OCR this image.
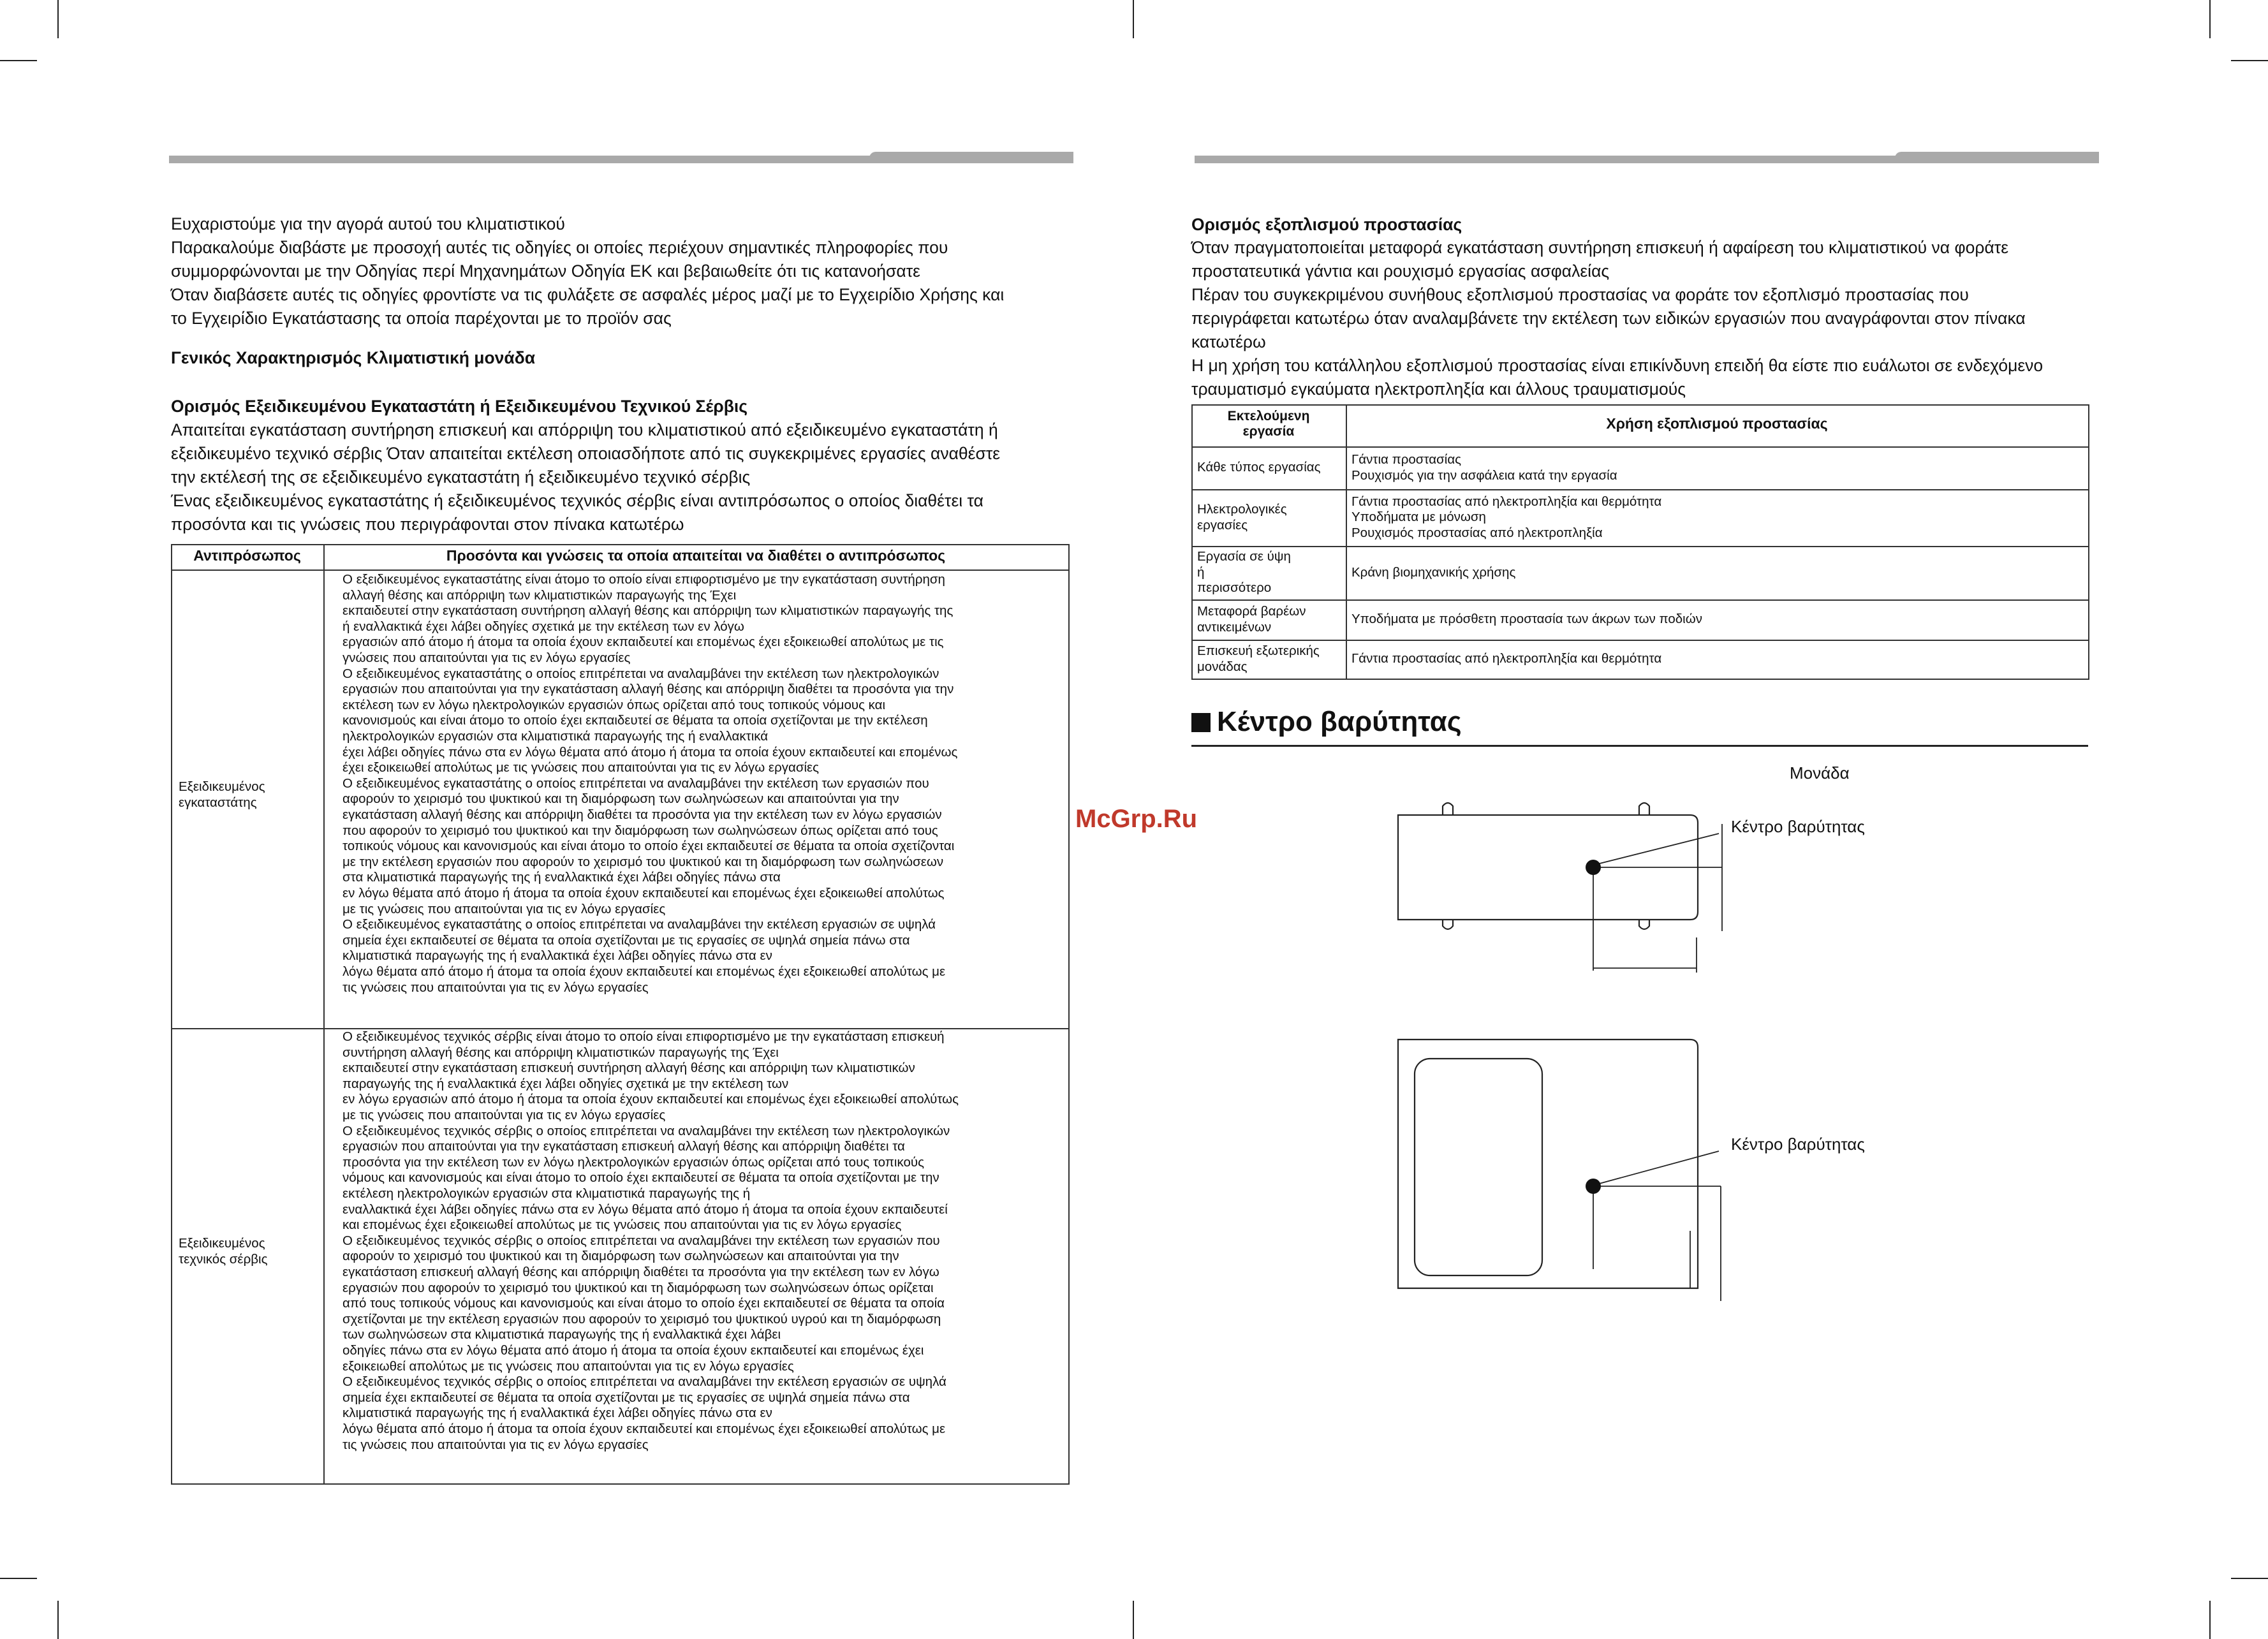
McGrp.Ru
Ευχαριστούμε για την αγορά αυτού του κλιματιστικού
Παρακαλούμε διαβάστε με προσοχή αυτές τις οδηγίες οι οποίες περιέχουν σημαντικές πληροφορίες που
συμμορφώνονται με την Οδηγίας περί Μηχανημάτων Οδηγία ΕΚ και βεβαιωθείτε ότι τις κατανοήσατε
Όταν διαβάσετε αυτές τις οδηγίες φροντίστε να τις φυλάξετε σε ασφαλές μέρος μαζί με το Εγχειρίδιο Χρήσης και
το Εγχειρίδιο Εγκατάστασης τα οποία παρέχονται με το προϊόν σας
Γενικός Χαρακτηρισμός Κλιματιστική μονάδα
Ορισμός Εξειδικευμένου Εγκαταστάτη ή Εξειδικευμένου Τεχνικού Σέρβις
Απαιτείται εγκατάσταση συντήρηση επισκευή και απόρριψη του κλιματιστικού από εξειδικευμένο εγκαταστάτη ή
εξειδικευμένο τεχνικό σέρβις Όταν απαιτείται εκτέλεση οποιασδήποτε από τις συγκεκριμένες εργασίες αναθέστε
την εκτέλεσή της σε εξειδικευμένο εγκαταστάτη ή εξειδικευμένο τεχνικό σέρβις
Ένας εξειδικευμένος εγκαταστάτης ή εξειδικευμένος τεχνικός σέρβις είναι αντιπρόσωπος ο οποίος διαθέτει τα
προσόντα και τις γνώσεις που περιγράφονται στον πίνακα κατωτέρω
Αντιπρόσωπος	Προσόντα και γνώσεις τα οποία απαιτείται να διαθέτει ο αντιπρόσωπος
Ο εξειδικευμένος εγκαταστάτης είναι άτομο το οποίο είναι επιφορτισμένο με την εγκατάσταση συντήρηση
αλλαγή θέσης και απόρριψη των κλιματιστικών παραγωγής της Έχει
εκπαιδευτεί στην εγκατάσταση συντήρηση αλλαγή θέσης και απόρριψη των κλιματιστικών παραγωγής της
ή εναλλακτικά έχει λάβει οδηγίες σχετικά με την εκτέλεση των εν λόγω
εργασιών από άτομο ή άτομα τα οποία έχουν εκπαιδευτεί και επομένως έχει εξοικειωθεί απολύτως με τις
γνώσεις που απαιτούνται για τις εν λόγω εργασίες
Ο εξειδικευμένος εγκαταστάτης ο οποίος επιτρέπεται να αναλαμβάνει την εκτέλεση των ηλεκτρολογικών
εργασιών που απαιτούνται για την εγκατάσταση αλλαγή θέσης και απόρριψη διαθέτει τα προσόντα για την
εκτέλεση των εν λόγω ηλεκτρολογικών εργασιών όπως ορίζεται από τους τοπικούς νόμους και
κανονισμούς και είναι άτομο το οποίο έχει εκπαιδευτεί σε θέματα τα οποία σχετίζονται με την εκτέλεση
ηλεκτρολογικών εργασιών στα κλιματιστικά παραγωγής της ή εναλλακτικά
έχει λάβει οδηγίες πάνω στα εν λόγω θέματα από άτομο ή άτομα τα οποία έχουν εκπαιδευτεί και επομένως
έχει εξοικειωθεί απολύτως με τις γνώσεις που απαιτούνται για τις εν λόγω εργασίες
Ο εξειδικευμένος εγκαταστάτης ο οποίος επιτρέπεται να αναλαμβάνει την εκτέλεση των εργασιών που
αφορούν το χειρισμό του ψυκτικού και τη διαμόρφωση των σωληνώσεων και απαιτούνται για την
εγκατάσταση αλλαγή θέσης και απόρριψη διαθέτει τα προσόντα για την εκτέλεση των εν λόγω εργασιών
που αφορούν το χειρισμό του ψυκτικού και την διαμόρφωση των σωληνώσεων όπως ορίζεται από τους
τοπικούς νόμους και κανονισμούς και είναι άτομο το οποίο έχει εκπαιδευτεί σε θέματα τα οποία σχετίζονται
με την εκτέλεση εργασιών που αφορούν το χειρισμό του ψυκτικού και τη διαμόρφωση των σωληνώσεων
στα κλιματιστικά παραγωγής της ή εναλλακτικά έχει λάβει οδηγίες πάνω στα
εν λόγω θέματα από άτομο ή άτομα τα οποία έχουν εκπαιδευτεί και επομένως έχει εξοικειωθεί απολύτως
με τις γνώσεις που απαιτούνται για τις εν λόγω εργασίες
Ο εξειδικευμένος εγκαταστάτης ο οποίος επιτρέπεται να αναλαμβάνει την εκτέλεση εργασιών σε υψηλά
σημεία έχει εκπαιδευτεί σε θέματα τα οποία σχετίζονται με τις εργασίες σε υψηλά σημεία πάνω στα
κλιματιστικά παραγωγής της ή εναλλακτικά έχει λάβει οδηγίες πάνω στα εν
λόγω θέματα από άτομο ή άτομα τα οποία έχουν εκπαιδευτεί και επομένως έχει εξοικειωθεί απολύτως με
τις γνώσεις που απαιτούνται για τις εν λόγω εργασίες
Εξειδικευμένος
εγκαταστάτης
Ο εξειδικευμένος τεχνικός σέρβις είναι άτομο το οποίο είναι επιφορτισμένο με την εγκατάσταση επισκευή
συντήρηση αλλαγή θέσης και απόρριψη κλιματιστικών παραγωγής της Έχει
εκπαιδευτεί στην εγκατάσταση επισκευή συντήρηση αλλαγή θέσης και απόρριψη των κλιματιστικών
παραγωγής της ή εναλλακτικά έχει λάβει οδηγίες σχετικά με την εκτέλεση των
εν λόγω εργασιών από άτομο ή άτομα τα οποία έχουν εκπαιδευτεί και επομένως έχει εξοικειωθεί απολύτως
με τις γνώσεις που απαιτούνται για τις εν λόγω εργασίες
Ο εξειδικευμένος τεχνικός σέρβις ο οποίος επιτρέπεται να αναλαμβάνει την εκτέλεση των ηλεκτρολογικών
εργασιών που απαιτούνται για την εγκατάσταση επισκευή αλλαγή θέσης και απόρριψη διαθέτει τα
προσόντα για την εκτέλεση των εν λόγω ηλεκτρολογικών εργασιών όπως ορίζεται από τους τοπικούς
νόμους και κανονισμούς και είναι άτομο το οποίο έχει εκπαιδευτεί σε θέματα τα οποία σχετίζονται με την
εκτέλεση ηλεκτρολογικών εργασιών στα κλιματιστικά παραγωγής της ή
εναλλακτικά έχει λάβει οδηγίες πάνω στα εν λόγω θέματα από άτομο ή άτομα τα οποία έχουν εκπαιδευτεί
και επομένως έχει εξοικειωθεί απολύτως με τις γνώσεις που απαιτούνται για τις εν λόγω εργασίες
Ο εξειδικευμένος τεχνικός σέρβις ο οποίος επιτρέπεται να αναλαμβάνει την εκτέλεση των εργασιών που
αφορούν το χειρισμό του ψυκτικού και τη διαμόρφωση των σωληνώσεων και απαιτούνται για την
εγκατάσταση επισκευή αλλαγή θέσης και απόρριψη διαθέτει τα προσόντα για την εκτέλεση των εν λόγω
εργασιών που αφορούν το χειρισμό του ψυκτικού και τη διαμόρφωση των σωληνώσεων όπως ορίζεται
από τους τοπικούς νόμους και κανονισμούς και είναι άτομο το οποίο έχει εκπαιδευτεί σε θέματα τα οποία
σχετίζονται με την εκτέλεση εργασιών που αφορούν το χειρισμό του ψυκτικού υγρού και τη διαμόρφωση
των σωληνώσεων στα κλιματιστικά παραγωγής της ή εναλλακτικά έχει λάβει
οδηγίες πάνω στα εν λόγω θέματα από άτομο ή άτομα τα οποία έχουν εκπαιδευτεί και επομένως έχει
εξοικειωθεί απολύτως με τις γνώσεις που απαιτούνται για τις εν λόγω εργασίες
Ο εξειδικευμένος τεχνικός σέρβις ο οποίος επιτρέπεται να αναλαμβάνει την εκτέλεση εργασιών σε υψηλά
σημεία έχει εκπαιδευτεί σε θέματα τα οποία σχετίζονται με τις εργασίες σε υψηλά σημεία πάνω στα
κλιματιστικά παραγωγής της ή εναλλακτικά έχει λάβει οδηγίες πάνω στα εν
λόγω θέματα από άτομο ή άτομα τα οποία έχουν εκπαιδευτεί και επομένως έχει εξοικειωθεί απολύτως με
τις γνώσεις που απαιτούνται για τις εν λόγω εργασίες
Εξειδικευμένος
τεχνικός σέρβις
Ορισμός εξοπλισμού προστασίας
Όταν πραγματοποιείται μεταφορά εγκατάσταση συντήρηση επισκευή ή αφαίρεση του κλιματιστικού να φοράτε
προστατευτικά γάντια και ρουχισμό εργασίας ασφαλείας
Πέραν του συγκεκριμένου συνήθους εξοπλισμού προστασίας να φοράτε τον εξοπλισμό προστασίας που
περιγράφεται κατωτέρω όταν αναλαμβάνετε την εκτέλεση των ειδικών εργασιών που αναγράφονται στον πίνακα
κατωτέρω
Η μη χρήση του κατάλληλου εξοπλισμού προστασίας είναι επικίνδυνη επειδή θα είστε πιο ευάλωτοι σε ενδεχόμενο
τραυματισμό εγκαύματα ηλεκτροπληξία και άλλους τραυματισμούς
Εκτελούμενη
εργασία	Χρήση εξοπλισμού προστασίας
Κάθε τύπος εργασίας
Γάντια προστασίας
Ρουχισμός για την ασφάλεια κατά την εργασία
Ηλεκτρολογικές
εργασίες
Γάντια προστασίας από ηλεκτροπληξία και θερμότητα
Υποδήματα με μόνωση
Ρουχισμός προστασίας από ηλεκτροπληξία
Εργασία σε ύψη
ή
περισσότερο
Κράνη βιομηχανικής χρήσης
Μεταφορά βαρέων
αντικειμένων
Υποδήματα με πρόσθετη προστασία των άκρων των ποδιών
Επισκευή εξωτερικής
μονάδας
Γάντια προστασίας από ηλεκτροπληξία και θερμότητα
Κέντρο βαρύτητας
Μονάδα
Κέντρο βαρύτητας
Κέντρο βαρύτητας
